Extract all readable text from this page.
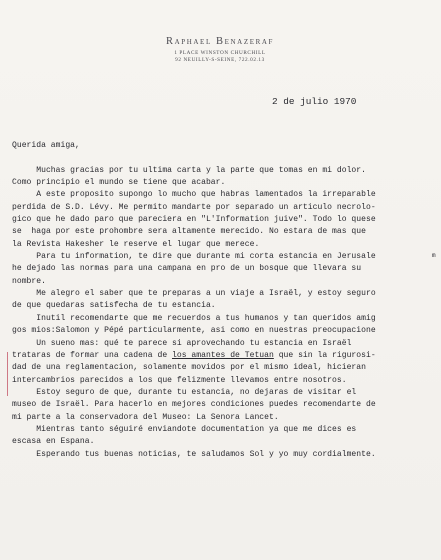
Raphael Benazeraf
1 PLACE WINSTON CHURCHILL
92 NEUILLY-S-SEINE, 722.02.13
2 de julio 1970
Querida amiga,
Muchas gracias por tu ultima carta y la parte que tomas en mi dolor.
Como principio el mundo se tiene que acabar.
A este proposito supongo lo mucho que habras lamentados la irreparable
perdida de S.D. Lévy. Me permito mandarte por separado un articulo necrolo-
gico que he dado paro que pareciera en "L'Information juive". Todo lo quese
se  haga por este prohombre sera altamente merecido. No estara de mas que
la Revista Hakesher le reserve el lugar que merece.
Para tu information, te dire que durante mi corta estancia en Jerusale
he dejado las normas para una campana en pro de un bosque que llevara su
nombre.
Me alegro el saber que te preparas a un viaje a Israël, y estoy seguro
de que quedaras satisfecha de tu estancia.
Inutil recomendarte que me recuerdos a tus humanos y tan queridos amig
gos mios:Salomon y Pépé particularmente, asi como en nuestras preocupacione
Un sueno mas: qué te parece si aprovechando tu estancia en Israël
trataras de formar una cadena de los amantes de Tetuan que sin la rigurosi-
dad de una reglamentacion, solamente movidos por el mismo ideal, hicieran
intercambrios parecidos a los que felizmente llevamos entre nosotros.
Estoy seguro de que, durante tu estancia, no dejaras de visitar el
museo de Israël. Para hacerlo en mejores condiciones puedes recomendarte de
mi parte a la conservadora del Museo: La Senora Lancet.
Mientras tanto séguiré enviandote documentation ya que me dices es
escasa en Espana.
Esperando tus buenas noticias, te saludamos Sol y yo muy cordialmente.
m
